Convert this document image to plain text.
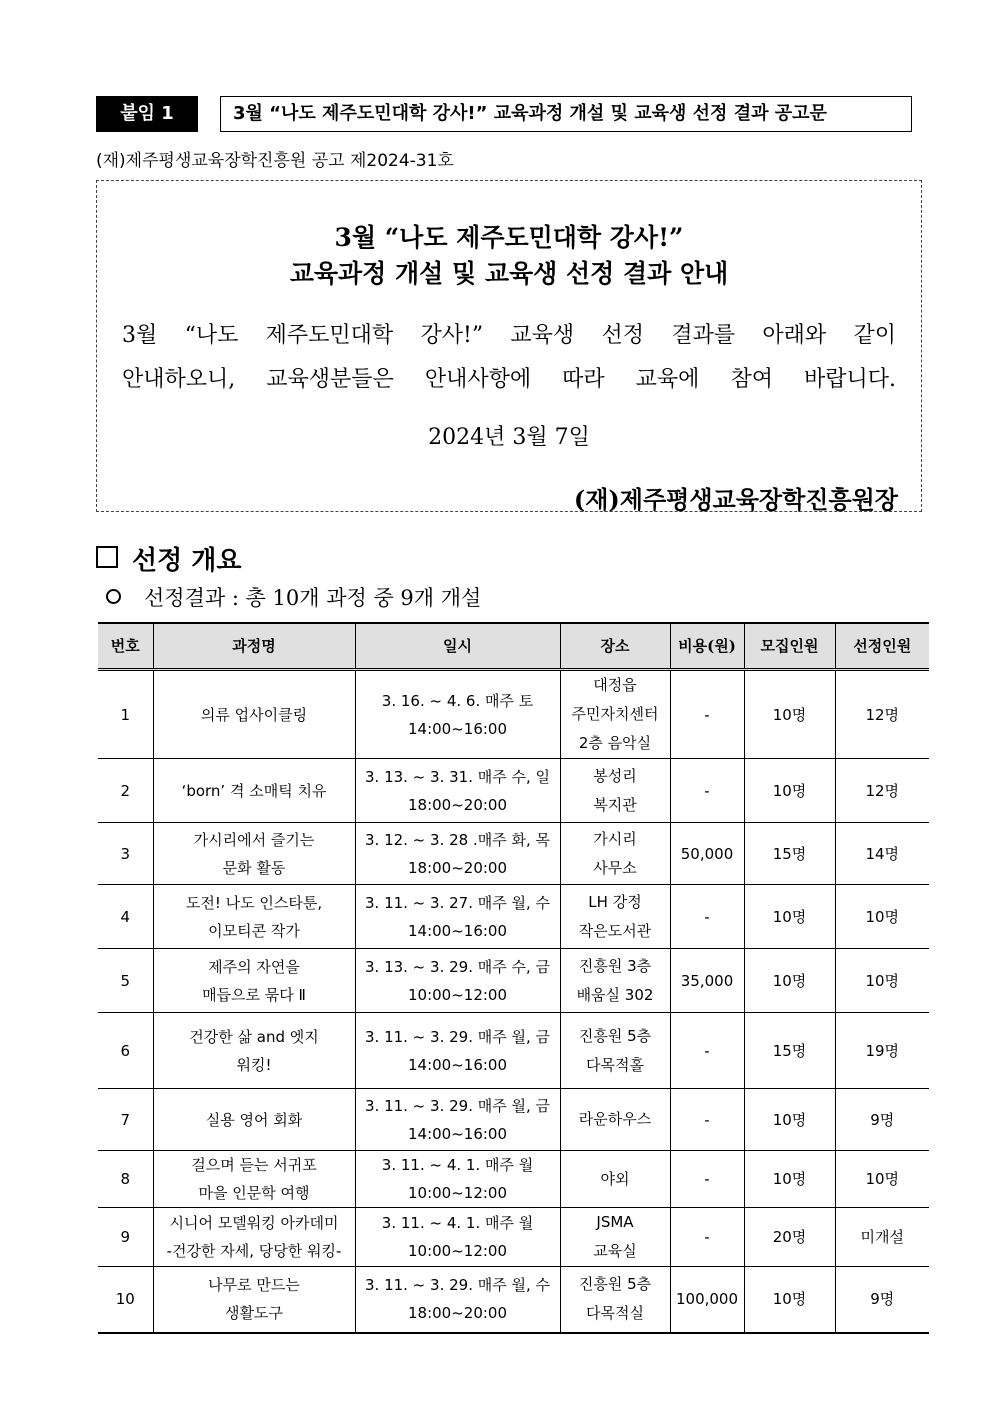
붙임 1	3월 “나도 제주도민대학 강사!” 교육과정 개설 및 교육생 선정 결과 공고문
(재)제주평생교육장학진흥원 공고 제2024-31호
3월 “나도 제주도민대학 강사!”
교육과정 개설 및 교육생 선정 결과 안내
3월 “나도 제주도민대학 강사!” 교육생 선정 결과를 아래와 같이
안내하오니, 교육생분들은 안내사항에 따라 교육에 참여 바랍니다.
2024년 3월 7일
(재)제주평생교육장학진흥원장
선정 개요
선정결과 : 총 10개 과정 중 9개 개설
번호	과정명	일시	장소	비용(원)	모집인원	선정인원
1	의류 업사이클링	3. 16. ~ 4. 6. 매주 토
14:00~16:00	대정읍
주민자치센터
2층 음악실	-	10명	12명
2	‘born’ 격 소매틱 치유	3. 13. ~ 3. 31. 매주 수, 일
18:00~20:00	봉성리
복지관	-	10명	12명
3	가시리에서 즐기는
문화 활동	3. 12. ~ 3. 28 .매주 화, 목
18:00~20:00	가시리
사무소	50,000	15명	14명
4	도전! 나도 인스타툰,
이모티콘 작가	3. 11. ~ 3. 27. 매주 월, 수
14:00~16:00	LH 강정
작은도서관	-	10명	10명
5	제주의 자연을
매듭으로 묶다 Ⅱ	3. 13. ~ 3. 29. 매주 수, 금
10:00~12:00	진흥원 3층
배움실 302	35,000	10명	10명
6	건강한 삶 and 엣지
워킹!	3. 11. ~ 3. 29. 매주 월, 금
14:00~16:00	진흥원 5층
다목적홀	-	15명	19명
7	실용 영어 회화	3. 11. ~ 3. 29. 매주 월, 금
14:00~16:00	라운하우스	-	10명	9명
8	걸으며 듣는 서귀포
마을 인문학 여행	3. 11. ~ 4. 1. 매주 월
10:00~12:00	야외	-	10명	10명
9	시니어 모델워킹 아카데미
-건강한 자세, 당당한 워킹-	3. 11. ~ 4. 1. 매주 월
10:00~12:00	JSMA
교육실	-	20명	미개설
10	나무로 만드는
생활도구	3. 11. ~ 3. 29. 매주 월, 수
18:00~20:00	진흥원 5층
다목적실	100,000	10명	9명
